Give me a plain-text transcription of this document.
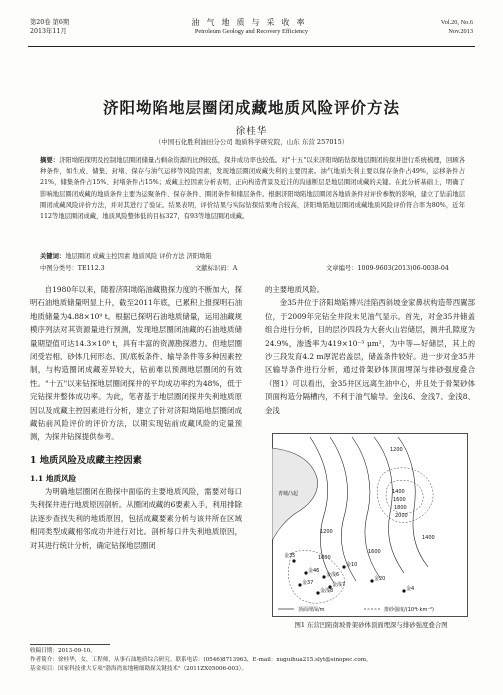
第20卷 第6期
2013年11月
油气地质与采收率
Petroleum Geology and Recovery Efficiency
Vol.20, No.6
Nov.2013
济阳坳陷地层圈闭成藏地质风险评价方法
徐桂华
（中国石化胜利油田分公司 地质科学研究院，山东 东营 257015）
摘要：济阳坳陷探明及控制地层圈闭储量占剩余资源的比例较低，探井成功率也较低。对"十五"以来济阳坳陷钻探地层圈闭的探井进行系统梳理，回顾各种条件，如生成、储集、封堵、保存与油气运移等风险因素，发现地层圈闭成藏失利的主要因素。油气地质失利主要以保存条件占49%，运移条件占21%，储集条件占15%、封堵条件占15%；成藏主控因素分析表明，正向构造背景及近洼的沟通断层是地层圈闭成藏的关键。在此分析基础上，明确了影响地层圈闭成藏的地质条件主要为运聚条件、保存条件、圈闭条件和储层条件。根据济阳坳陷地层圈闭各地质条件对评价参数的影响，建立了钻前地层圈闭成藏风险评价方法，并对其进行了验证。结果表明，评价结果与实际钻探结果吻合较高，济阳坳陷地层圈闭成藏地质风险评价符合率为80%，近年112等地层圈闭成藏，地质风险整体低的目标327，有93等地层圈闭成藏。
关键词：地层圈闭 成藏主控因素 地质风险 评价方法 济阳坳陷
中图分类号：TE112.3	文献标识码：A	文章编号：1009-9603(2013)06-0038-04

自1980年以来，随着济阳坳陷油藏勘探力度的不断加大，探明石油地质储量明显上升，截至2011年底，已累积上报探明石油地质储量为4.88×10⁹ t。根据已探明石油地质储量，运用油藏规模序列法对其资源量进行预测，发现地层圈闭油藏的石油地质储量期望值可达14.3×10⁸ t，具有丰富的资源勘探潜力。但地层圈闭受岩相、砂体几何形态、顶/底板条件、输导条件等多种因素控制，与构造圈闭成藏差异较大，钻前难以预测地层圈闭的有效性。"十五"以来钻探地层圈闭探井的平均成功率约为48%，低于完钻探井整体成功率。为此，笔者基于地层圈闭探井失利地质原因以及成藏主控因素进行分析，建立了针对济阳坳陷地层圈闭成藏钻前风险评价的评价方法，以期实现钻前成藏风险的定量预测，为探井钻探提供参考。

1 地质风险及成藏主控因素
1.1 地质风险

为明确地层圈闭在勘探中面临的主要地质风险，需要对每口失利探井进行地质原因剖析。从圈闭成藏的6要素入手，利用排除法逐步查找失利的地质原因，包括成藏要素分析与该井所在区域相同类型成藏相邻成功井进行对比。剖析每口井失利地质原因，对其进行统计分析，确定钻探地层圈闭

的主要地质风险。

金35井位于济阳坳陷博兴洼陷西斜坡金家鼻状构造带西翼部位，于2009年完钻全井段未见油气显示。首先，对金35井储盖组合进行分析，目的层沙四段为大套火山岩储层，测井孔隙度为24.9%，渗透率为419×10⁻³ μm²，为中等—好储层，其上的沙三段发育4.2 m厚泥岩盖层，储盖条件较好。进一步对金35井区输导条件进行分析，通过骨架砂体顶面埋深与排砂强度叠合（图1）可以看出，金35井区远离生油中心，并且处于骨架砂体顶面构造分隔槽内，不利于油气输导。金浅6、金浅7、金浅8、金浅

青城凸起
1200
1400
1600
1800
2000
1200
1000
1600
1400
金35
金46
金37
金浅6
金浅7
金浅8
金10
金20
金4
顶面埋深/m	排砂强度/(10⁴t·km⁻²)
图1 东营凹陷南坡骨架砂体顶面埋深与排砂强度叠合图
收稿日期：2013-09-10。
作者简介：徐桂华，女，工程师，从事石油地质综合研究。联系电话：(0546)8713963，E-mail：xuguihua215.slyt@sinopec.com。
基金项目：国家科技重大专项"渤海湾盆地精细勘探关键技术"（2011ZX05006-003）。
